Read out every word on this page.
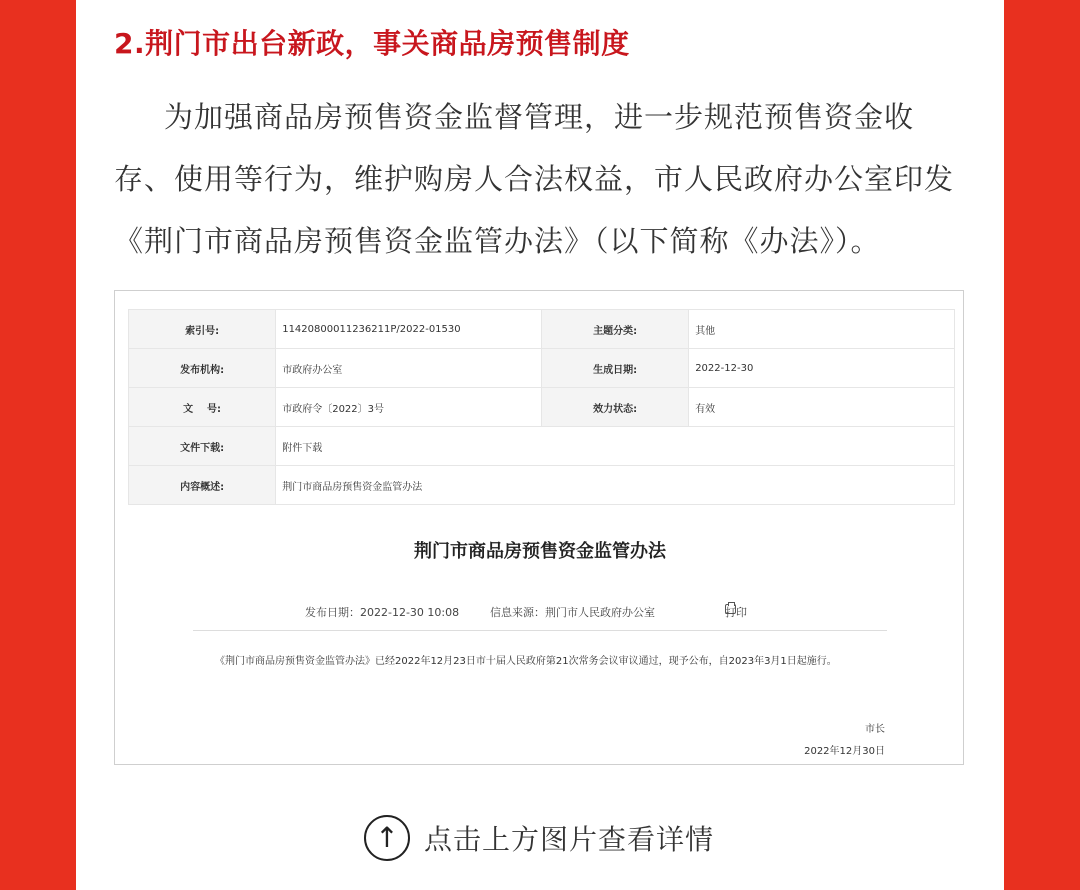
2.荆门市出台新政，事关商品房预售制度
为加强商品房预售资金监督管理，进一步规范预售资金收存、使用等行为，维护购房人合法权益，市人民政府办公室印发《荆门市商品房预售资金监管办法》（以下简称《办法》）。
索引号:	11420800011236211P/2022-01530	主题分类:	其他
发布机构:	市政府办公室	生成日期:	2022-12-30
文    号:	市政府令〔2022〕3号	效力状态:	有效
文件下载:	附件下载		
内容概述:	荆门市商品房预售资金监管办法		
荆门市商品房预售资金监管办法
发布日期：2022-12-30 10:08	信息来源：荆门市人民政府办公室	打印
《荆门市商品房预售资金监管办法》已经2022年12月23日市十届人民政府第21次常务会议审议通过，现予公布，自2023年3月1日起施行。
市长
2022年12月30日
↑ 点击上方图片查看详情
